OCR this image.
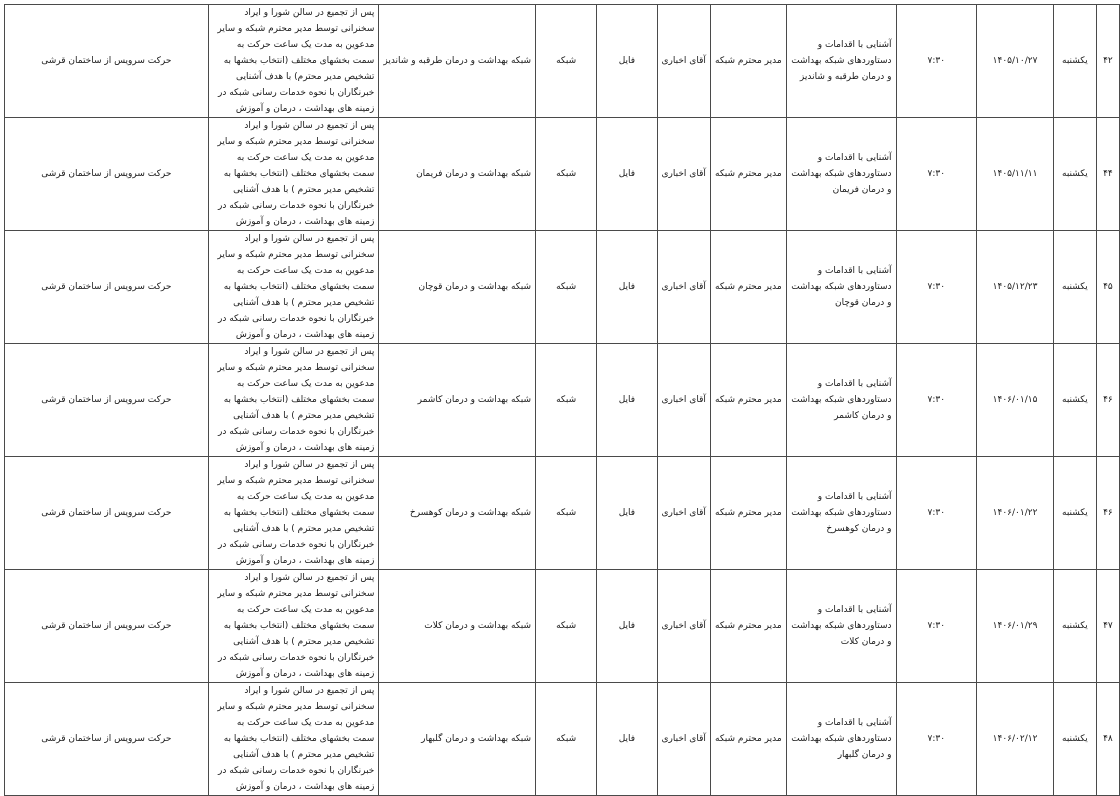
۴۲	یکشنبه	۱۴۰۵/۱۰/۲۷	۷:۳۰	آشنایی با اقدامات و دستاوردهای شبکه بهداشت و درمان طرقبه و شاندیز	مدیر محترم شبکه	آقای اخباری	فایل	شبکه	شبکه بهداشت و درمان طرقبه و شاندیز	پس از تجمیع در سالن شورا و ایراد سخنرانی توسط مدیر محترم شبکه و سایر مدعوین به مدت یک ساعت حرکت به سمت بخشهای مختلف (انتخاب بخشها به تشخیص مدیر محترم) با هدف آشنایی خبرنگاران با نحوه خدمات رسانی شبکه در زمینه های بهداشت ، درمان و آموزش	حرکت سرویس از ساختمان قرشی
۴۴	یکشنبه	۱۴۰۵/۱۱/۱۱	۷:۳۰	آشنایی با اقدامات و دستاوردهای شبکه بهداشت و درمان فریمان	مدیر محترم شبکه	آقای اخباری	فایل	شبکه	شبکه بهداشت و درمان فریمان	پس از تجمیع در سالن شورا و ایراد سخنرانی توسط مدیر محترم شبکه و سایر مدعوین به مدت یک ساعت حرکت به سمت بخشهای مختلف (انتخاب بخشها به تشخیص مدیر محترم ) با هدف آشنایی خبرنگاران با نحوه خدمات رسانی شبکه در زمینه های بهداشت ، درمان و آموزش	حرکت سرویس از ساختمان قرشی
۴۵	یکشنبه	۱۴۰۵/۱۲/۲۳	۷:۳۰	آشنایی با اقدامات و دستاوردهای شبکه بهداشت و درمان قوچان	مدیر محترم شبکه	آقای اخباری	فایل	شبکه	شبکه بهداشت و درمان قوچان	پس از تجمیع در سالن شورا و ایراد سخنرانی توسط مدیر محترم شبکه و سایر مدعوین به مدت یک ساعت حرکت به سمت بخشهای مختلف (انتخاب بخشها به تشخیص مدیر محترم ) با هدف آشنایی خبرنگاران با نحوه خدمات رسانی شبکه در زمینه های بهداشت ، درمان و آموزش	حرکت سرویس از ساختمان قرشی
۴۶	یکشنبه	۱۴۰۶/۰۱/۱۵	۷:۳۰	آشنایی با اقدامات و دستاوردهای شبکه بهداشت و درمان کاشمر	مدیر محترم شبکه	آقای اخباری	فایل	شبکه	شبکه بهداشت و درمان کاشمر	پس از تجمیع در سالن شورا و ایراد سخنرانی توسط مدیر محترم شبکه و سایر مدعوین به مدت یک ساعت حرکت به سمت بخشهای مختلف (انتخاب بخشها به تشخیص مدیر محترم ) با هدف آشنایی خبرنگاران با نحوه خدمات رسانی شبکه در زمینه های بهداشت ، درمان و آموزش	حرکت سرویس از ساختمان قرشی
۴۶	یکشنبه	۱۴۰۶/۰۱/۲۲	۷:۳۰	آشنایی با اقدامات و دستاوردهای شبکه بهداشت و درمان کوهسرخ	مدیر محترم شبکه	آقای اخباری	فایل	شبکه	شبکه بهداشت و درمان کوهسرخ	پس از تجمیع در سالن شورا و ایراد سخنرانی توسط مدیر محترم شبکه و سایر مدعوین به مدت یک ساعت حرکت به سمت بخشهای مختلف (انتخاب بخشها به تشخیص مدیر محترم ) با هدف آشنایی خبرنگاران با نحوه خدمات رسانی شبکه در زمینه های بهداشت ، درمان و آموزش	حرکت سرویس از ساختمان قرشی
۴۷	یکشنبه	۱۴۰۶/۰۱/۲۹	۷:۳۰	آشنایی با اقدامات و دستاوردهای شبکه بهداشت و درمان کلات	مدیر محترم شبکه	آقای اخباری	فایل	شبکه	شبکه بهداشت و درمان کلات	پس از تجمیع در سالن شورا و ایراد سخنرانی توسط مدیر محترم شبکه و سایر مدعوین به مدت یک ساعت حرکت به سمت بخشهای مختلف (انتخاب بخشها به تشخیص مدیر محترم ) با هدف آشنایی خبرنگاران با نحوه خدمات رسانی شبکه در زمینه های بهداشت ، درمان و آموزش	حرکت سرویس از ساختمان قرشی
۴۸	یکشنبه	۱۴۰۶/۰۲/۱۲	۷:۳۰	آشنایی با اقدامات و دستاوردهای شبکه بهداشت و درمان گلبهار	مدیر محترم شبکه	آقای اخباری	فایل	شبکه	شبکه بهداشت و درمان گلبهار	پس از تجمیع در سالن شورا و ایراد سخنرانی توسط مدیر محترم شبکه و سایر مدعوین به مدت یک ساعت حرکت به سمت بخشهای مختلف (انتخاب بخشها به تشخیص مدیر محترم ) با هدف آشنایی خبرنگاران با نحوه خدمات رسانی شبکه در زمینه های بهداشت ، درمان و آموزش	حرکت سرویس از ساختمان قرشی
